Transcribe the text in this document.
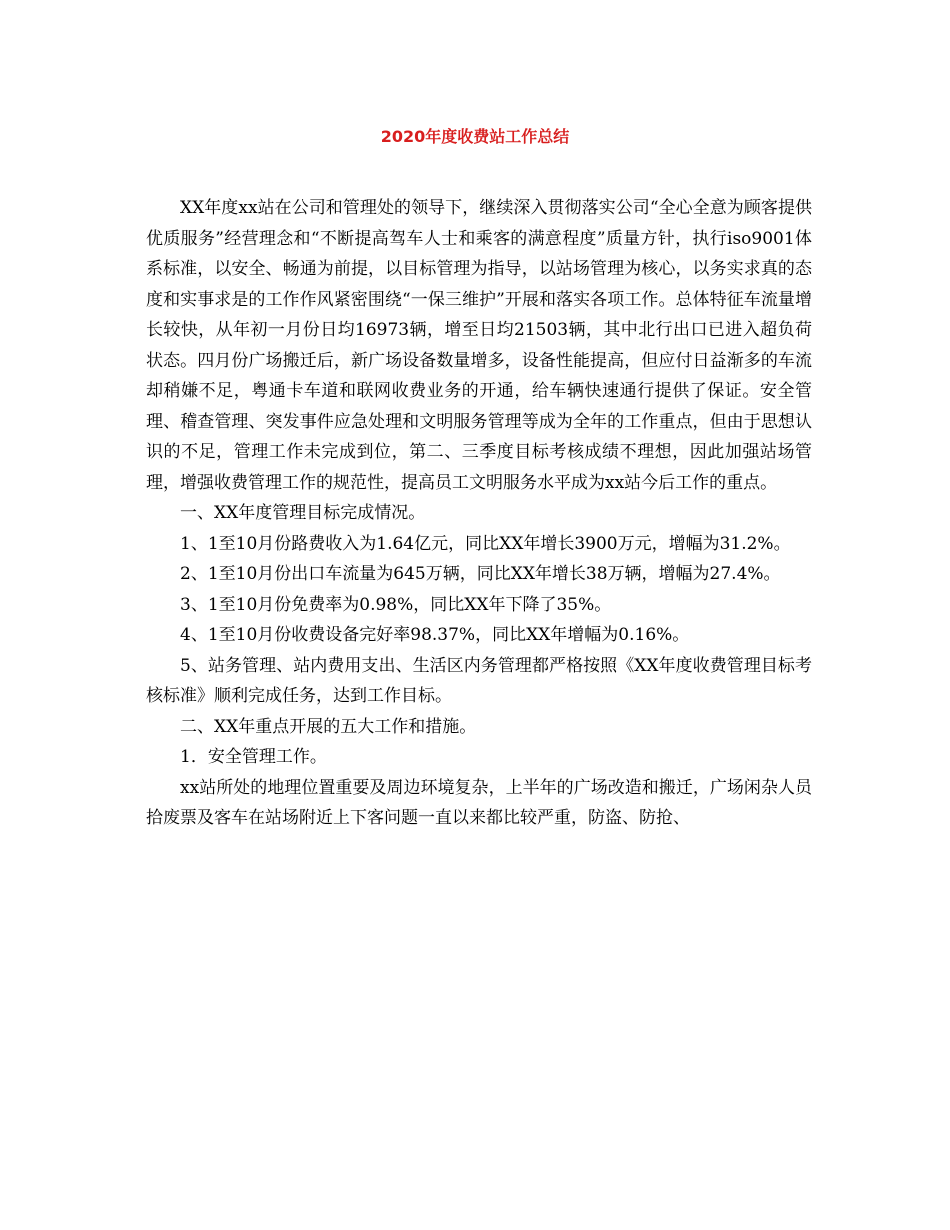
2020年度收费站工作总结

XX年度xx站在公司和管理处的领导下，继续深入贯彻落实公司“全心全意为顾客提供优质服务”经营理念和“不断提高驾车人士和乘客的满意程度”质量方针，执行iso9001体系标准，以安全、畅通为前提，以目标管理为指导，以站场管理为核心，以务实求真的态度和实事求是的工作作风紧密围绕“一保三维护”开展和落实各项工作。总体特征车流量增长较快，从年初一月份日均16973辆，增至日均21503辆，其中北行出口已进入超负荷状态。四月份广场搬迁后，新广场设备数量增多，设备性能提高，但应付日益渐多的车流却稍嫌不足，粤通卡车道和联网收费业务的开通，给车辆快速通行提供了保证。安全管理、稽查管理、突发事件应急处理和文明服务管理等成为全年的工作重点，但由于思想认识的不足，管理工作未完成到位，第二、三季度目标考核成绩不理想，因此加强站场管理，增强收费管理工作的规范性，提高员工文明服务水平成为xx站今后工作的重点。

一、XX年度管理目标完成情况。

1、1至10月份路费收入为1.64亿元，同比XX年增长3900万元，增幅为31.2%。

2、1至10月份出口车流量为645万辆，同比XX年增长38万辆，增幅为27.4%。

3、1至10月份免费率为0.98%，同比XX年下降了35%。

4、1至10月份收费设备完好率98.37%，同比XX年增幅为0.16%。

5、站务管理、站内费用支出、生活区内务管理都严格按照《XX年度收费管理目标考核标准》顺利完成任务，达到工作目标。

二、XX年重点开展的五大工作和措施。

1．安全管理工作。

xx站所处的地理位置重要及周边环境复杂，上半年的广场改造和搬迁，广场闲杂人员拾废票及客车在站场附近上下客问题一直以来都比较严重，防盗、防抢、
